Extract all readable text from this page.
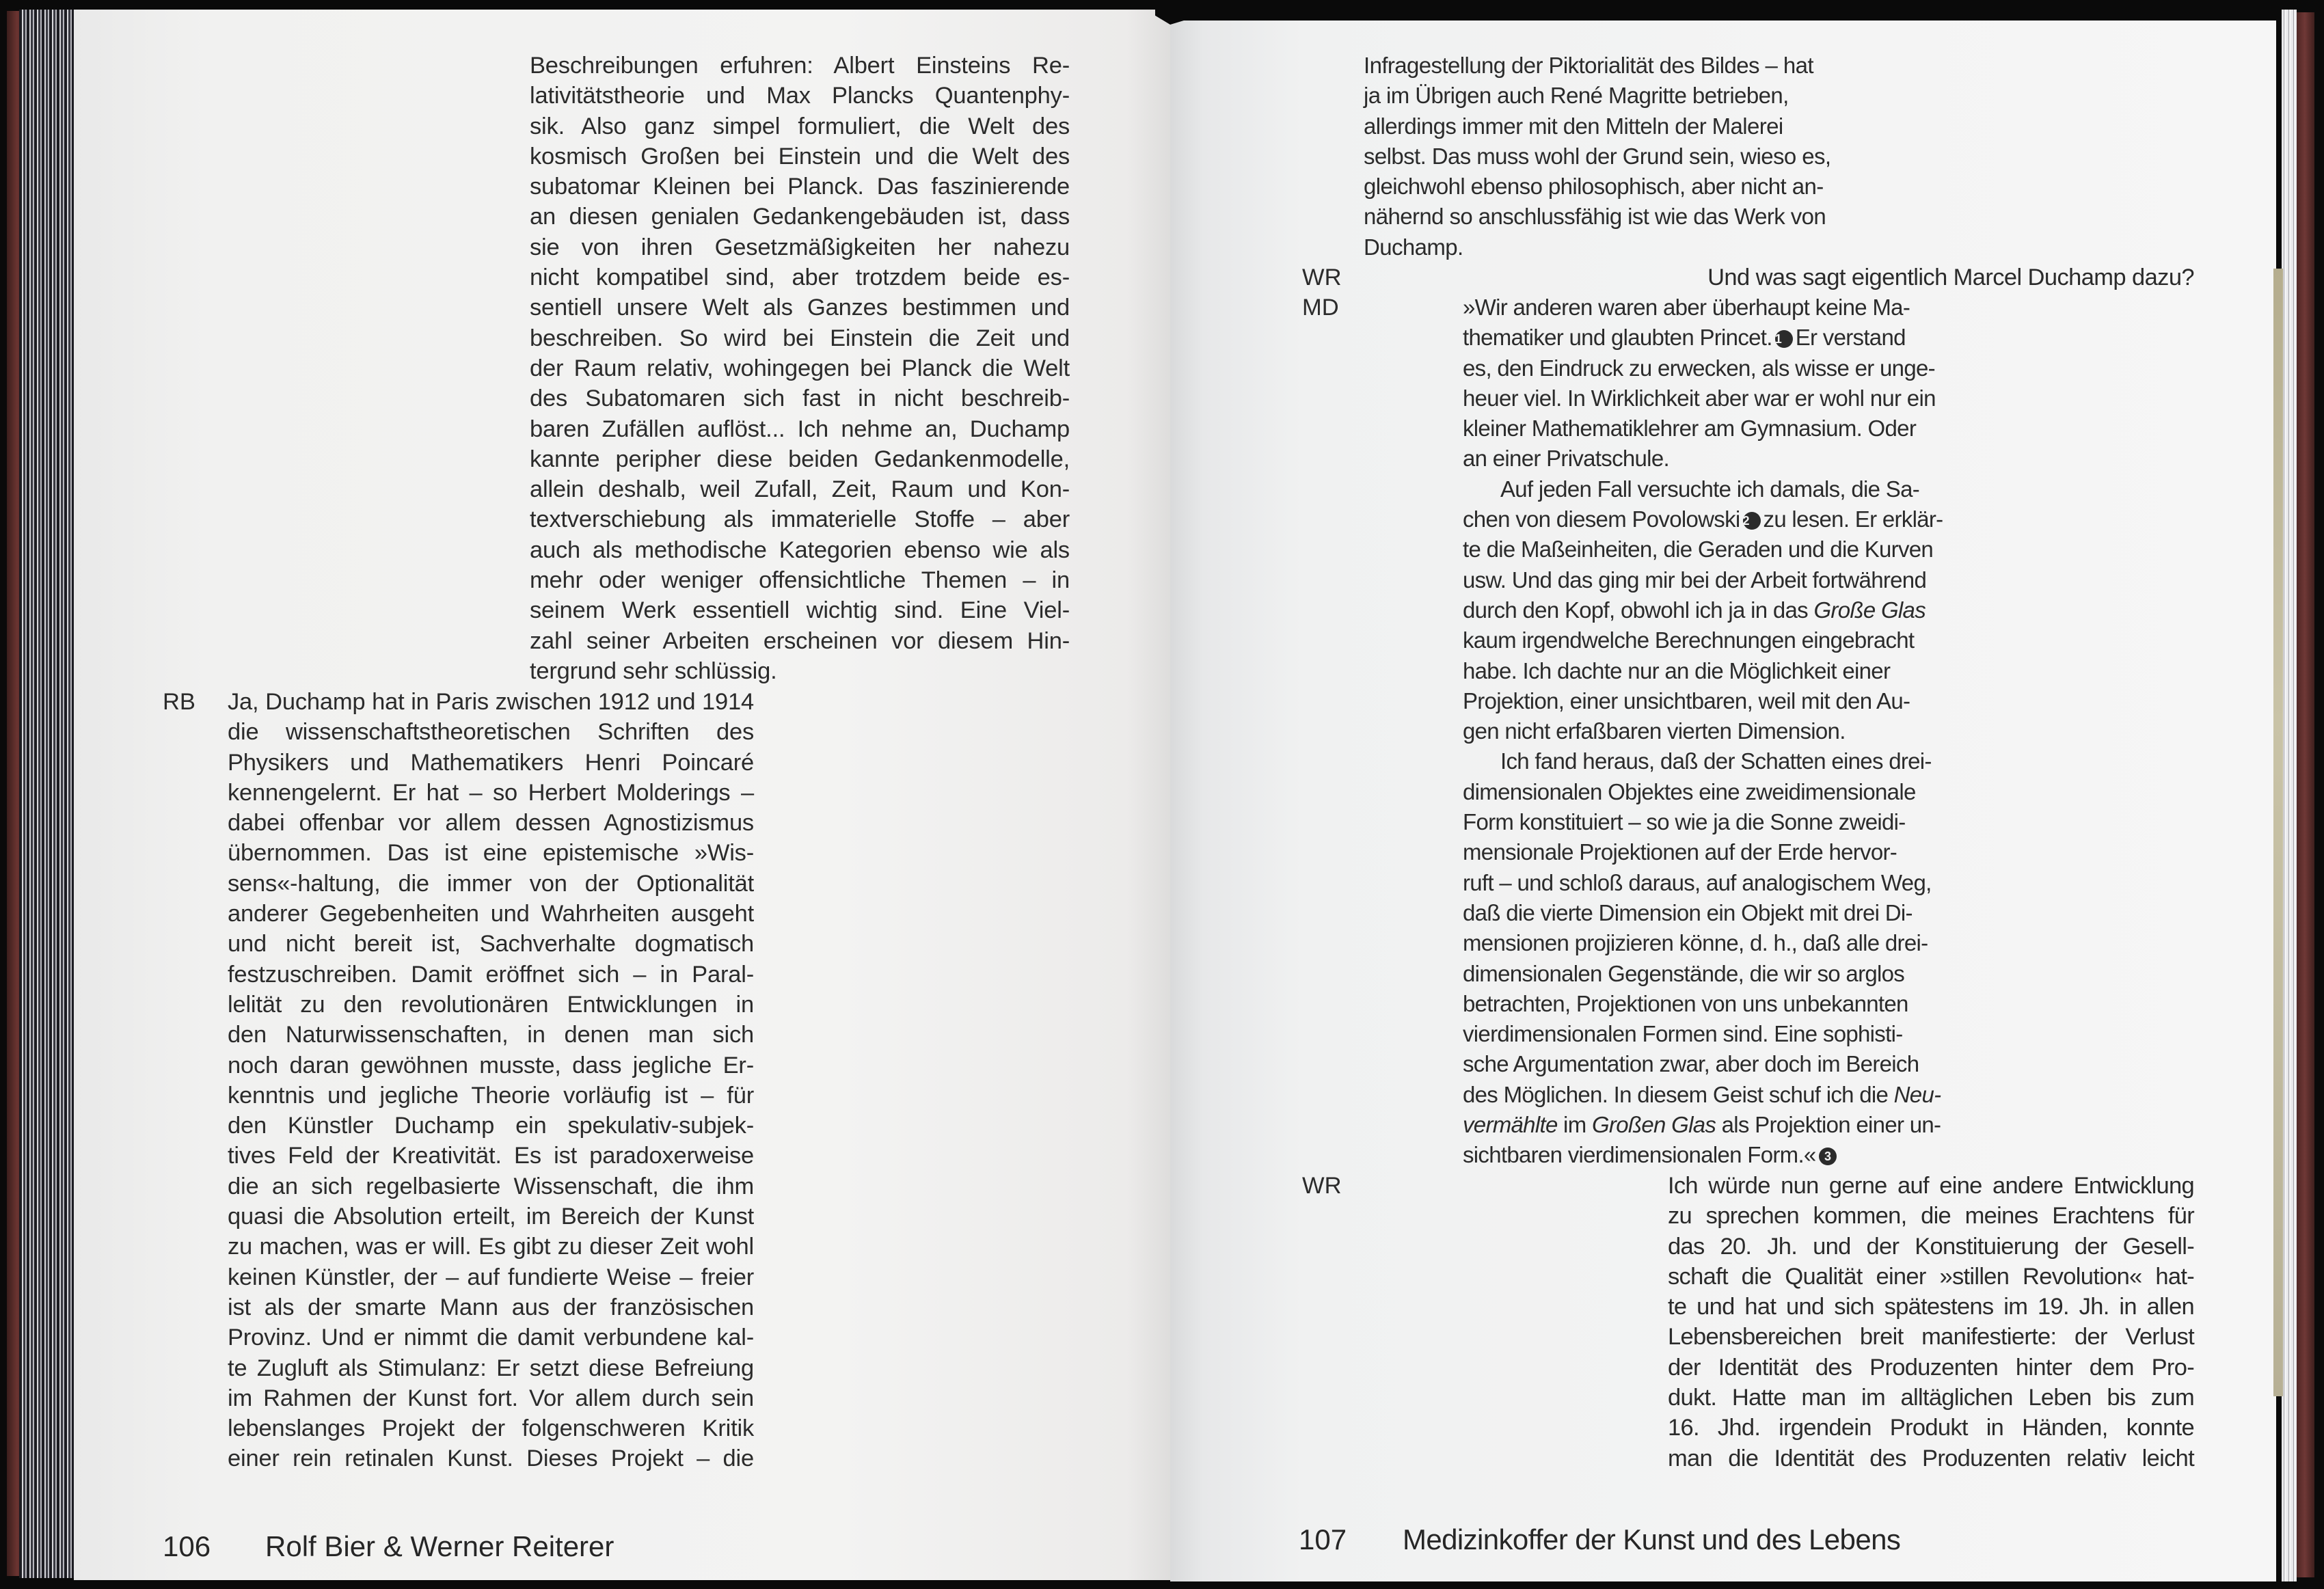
Beschreibungen erfuhren: Albert Einsteins Re-
lativitätstheorie und Max Plancks Quantenphy-
sik. Also ganz simpel formuliert, die Welt des
kosmisch Großen bei Einstein und die Welt des
subatomar Kleinen bei Planck. Das faszinierende
an diesen genialen Gedankengebäuden ist, dass
sie von ihren Gesetzmäßigkeiten her nahezu
nicht kompatibel sind, aber trotzdem beide es-
sentiell unsere Welt als Ganzes bestimmen und
beschreiben. So wird bei Einstein die Zeit und
der Raum relativ, wohingegen bei Planck die Welt
des Subatomaren sich fast in nicht beschreib-
baren Zufällen auflöst... Ich nehme an, Duchamp
kannte peripher diese beiden Gedankenmodelle,
allein deshalb, weil Zufall, Zeit, Raum und Kon-
textverschiebung als immaterielle Stoffe – aber
auch als methodische Kategorien ebenso wie als
mehr oder weniger offensichtliche Themen – in
seinem Werk essentiell wichtig sind. Eine Viel-
zahl seiner Arbeiten erscheinen vor diesem Hin-
tergrund sehr schlüssig.
RB Ja, Duchamp hat in Paris zwischen 1912 und 1914
die wissenschaftstheoretischen Schriften des
Physikers und Mathematikers Henri Poincaré
kennengelernt. Er hat – so Herbert Molderings –
dabei offenbar vor allem dessen Agnostizismus
übernommen. Das ist eine epistemische »Wis-
sens«-haltung, die immer von der Optionalität
anderer Gegebenheiten und Wahrheiten ausgeht
und nicht bereit ist, Sachverhalte dogmatisch
festzuschreiben. Damit eröffnet sich – in Paral-
lelität zu den revolutionären Entwicklungen in
den Naturwissenschaften, in denen man sich
noch daran gewöhnen musste, dass jegliche Er-
kenntnis und jegliche Theorie vorläufig ist – für
den Künstler Duchamp ein spekulativ-subjek-
tives Feld der Kreativität. Es ist paradoxerweise
die an sich regelbasierte Wissenschaft, die ihm
quasi die Absolution erteilt, im Bereich der Kunst
zu machen, was er will. Es gibt zu dieser Zeit wohl
keinen Künstler, der – auf fundierte Weise – freier
ist als der smarte Mann aus der französischen
Provinz. Und er nimmt die damit verbundene kal-
te Zugluft als Stimulanz: Er setzt diese Befreiung
im Rahmen der Kunst fort. Vor allem durch sein
lebenslanges Projekt der folgenschweren Kritik
einer rein retinalen Kunst. Dieses Projekt – die
106 Rolf Bier & Werner Reiterer
Infragestellung der Piktorialität des Bildes – hat
ja im Übrigen auch René Magritte betrieben,
allerdings immer mit den Mitteln der Malerei
selbst. Das muss wohl der Grund sein, wieso es,
gleichwohl ebenso philosophisch, aber nicht an-
nähernd so anschlussfähig ist wie das Werk von
Duchamp.
WR	Und was sagt eigentlich Marcel Duchamp dazu?
MD	»Wir anderen waren aber überhaupt keine Ma-
thematiker und glaubten Princet. 1 Er verstand
es, den Eindruck zu erwecken, als wisse er unge-
heuer viel. In Wirklichkeit aber war er wohl nur ein
kleiner Mathematiklehrer am Gymnasium. Oder
an einer Privatschule.
Auf jeden Fall versuchte ich damals, die Sa-
chen von diesem Povolowski 2 zu lesen. Er erklär-
te die Maßeinheiten, die Geraden und die Kurven
usw. Und das ging mir bei der Arbeit fortwährend
durch den Kopf, obwohl ich ja in das Große Glas
kaum irgendwelche Berechnungen eingebracht
habe. Ich dachte nur an die Möglichkeit einer
Projektion, einer unsichtbaren, weil mit den Au-
gen nicht erfaßbaren vierten Dimension.
Ich fand heraus, daß der Schatten eines drei-
dimensionalen Objektes eine zweidimensionale
Form konstituiert – so wie ja die Sonne zweidi-
mensionale Projektionen auf der Erde hervor-
ruft – und schloß daraus, auf analogischem Weg,
daß die vierte Dimension ein Objekt mit drei Di-
mensionen projizieren könne, d. h., daß alle drei-
dimensionalen Gegenstände, die wir so arglos
betrachten, Projektionen von uns unbekannten
vierdimensionalen Formen sind. Eine sophisti-
sche Argumentation zwar, aber doch im Bereich
des Möglichen. In diesem Geist schuf ich die Neu-
vermählte im Großen Glas als Projektion einer un-
sichtbaren vierdimensionalen Form.« 3
WR	Ich würde nun gerne auf eine andere Entwicklung
zu sprechen kommen, die meines Erachtens für
das 20. Jh. und der Konstituierung der Gesell-
schaft die Qualität einer »stillen Revolution« hat-
te und hat und sich spätestens im 19. Jh. in allen
Lebensbereichen breit manifestierte: der Verlust
der Identität des Produzenten hinter dem Pro-
dukt. Hatte man im alltäglichen Leben bis zum
16. Jhd. irgendein Produkt in Händen, konnte
man die Identität des Produzenten relativ leicht
107 Medizinkoffer der Kunst und des Lebens
